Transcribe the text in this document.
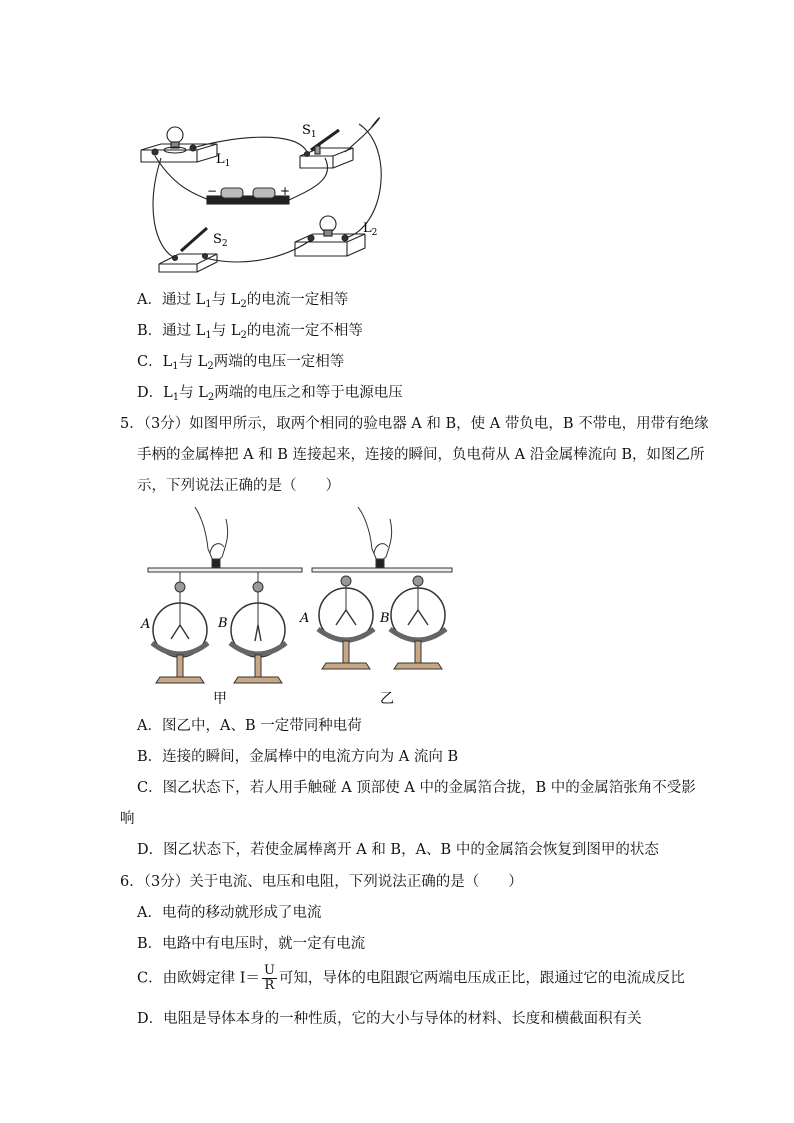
$L_1$
$S_1$
−	+
$S_2$
$L_2$
A．通过 $L_1$与 $L_2$的电流一定相等
B．通过 $L_1$与 $L_2$的电流一定不相等
C．$L_1$与 $L_2$两端的电压一定相等
D．$L_1$与 $L_2$两端的电压之和等于电源电压
5．（3分）如图甲所示，取两个相同的验电器 A 和 B，使 A 带负电，B 不带电，用带有绝缘
手柄的金属棒把 A 和 B 连接起来，连接的瞬间，负电荷从 A 沿金属棒流向 B，如图乙所
示，下列说法正确的是（　　）
A	B	A	B
甲	乙
A．图乙中，A、B 一定带同种电荷
B．连接的瞬间，金属棒中的电流方向为 A 流向 B
C．图乙状态下，若人用手触碰 A 顶部使 A 中的金属箔合拢，B 中的金属箔张角不受影
响
D．图乙状态下，若使金属棒离开 A 和 B，A、B 中的金属箔会恢复到图甲的状态
6．（3分）关于电流、电压和电阻，下列说法正确的是（　　）
A．电荷的移动就形成了电流
B．电路中有电压时，就一定有电流
C．由欧姆定律 $I= \frac{U}{R}$ 可知，导体的电阻跟它两端电压成正比，跟通过它的电流成反比
D．电阻是导体本身的一种性质，它的大小与导体的材料、长度和横截面积有关
